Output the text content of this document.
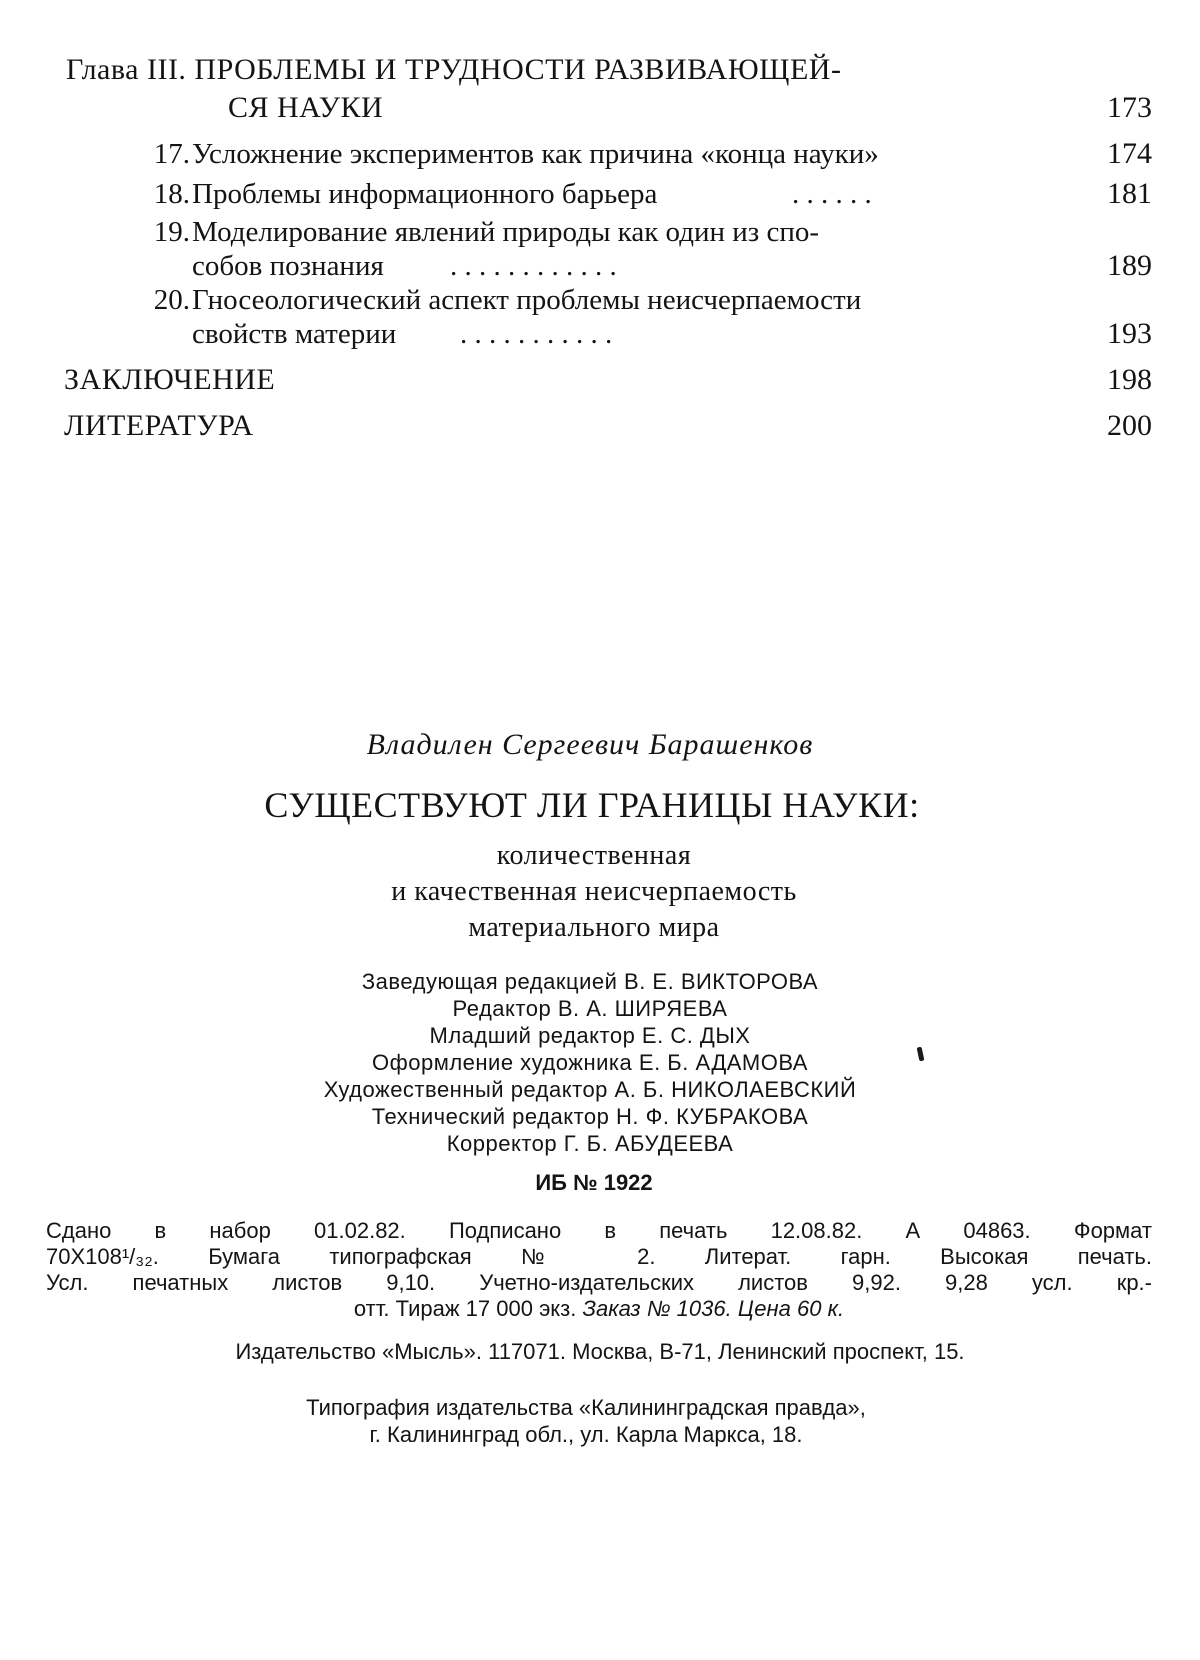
Глава III. ПРОБЛЕМЫ И ТРУДНОСТИ РАЗВИВАЮЩЕЙ-
СЯ НАУКИ	173
17. Усложнение экспериментов как причина «конца науки»	174
18. Проблемы информационного барьера	. . . . . .	181
19. Моделирование явлений природы как один из спо-
собов познания . . . . . . . . . . . .	189
20. Гносеологический аспект проблемы неисчерпаемости
свойств материи . . . . . . . . . . .	193
ЗАКЛЮЧЕНИЕ	198
ЛИТЕРАТУРА	200
Владилен Сергеевич Барашенков
СУЩЕСТВУЮТ ЛИ ГРАНИЦЫ НАУКИ:
количественная
и качественная неисчерпаемость
материального мира
Заведующая редакцией В. Е. ВИКТОРОВА
Редактор В. А. ШИРЯЕВА
Младший редактор Е. С. ДЫХ
Оформление художника Е. Б. АДАМОВА
Художественный редактор А. Б. НИКОЛАЕВСКИЙ
Технический редактор Н. Ф. КУБРАКОВА
Корректор Г. Б. АБУДЕЕВА
ИБ № 1922
Сдано в набор 01.02.82. Подписано в печать 12.08.82. А 04863. Формат
70X108¹/₃₂. Бумага типографская № 2. Литерат. гарн. Высокая печать.
Усл. печатных листов 9,10. Учетно-издательских листов 9,92. 9,28 усл. кр.-
отт. Тираж 17 000 экз. Заказ № 1036. Цена 60 к.
Издательство «Мысль». 117071. Москва, В-71, Ленинский проспект, 15.
Типография издательства «Калининградская правда»,
г. Калининград обл., ул. Карла Маркса, 18.
